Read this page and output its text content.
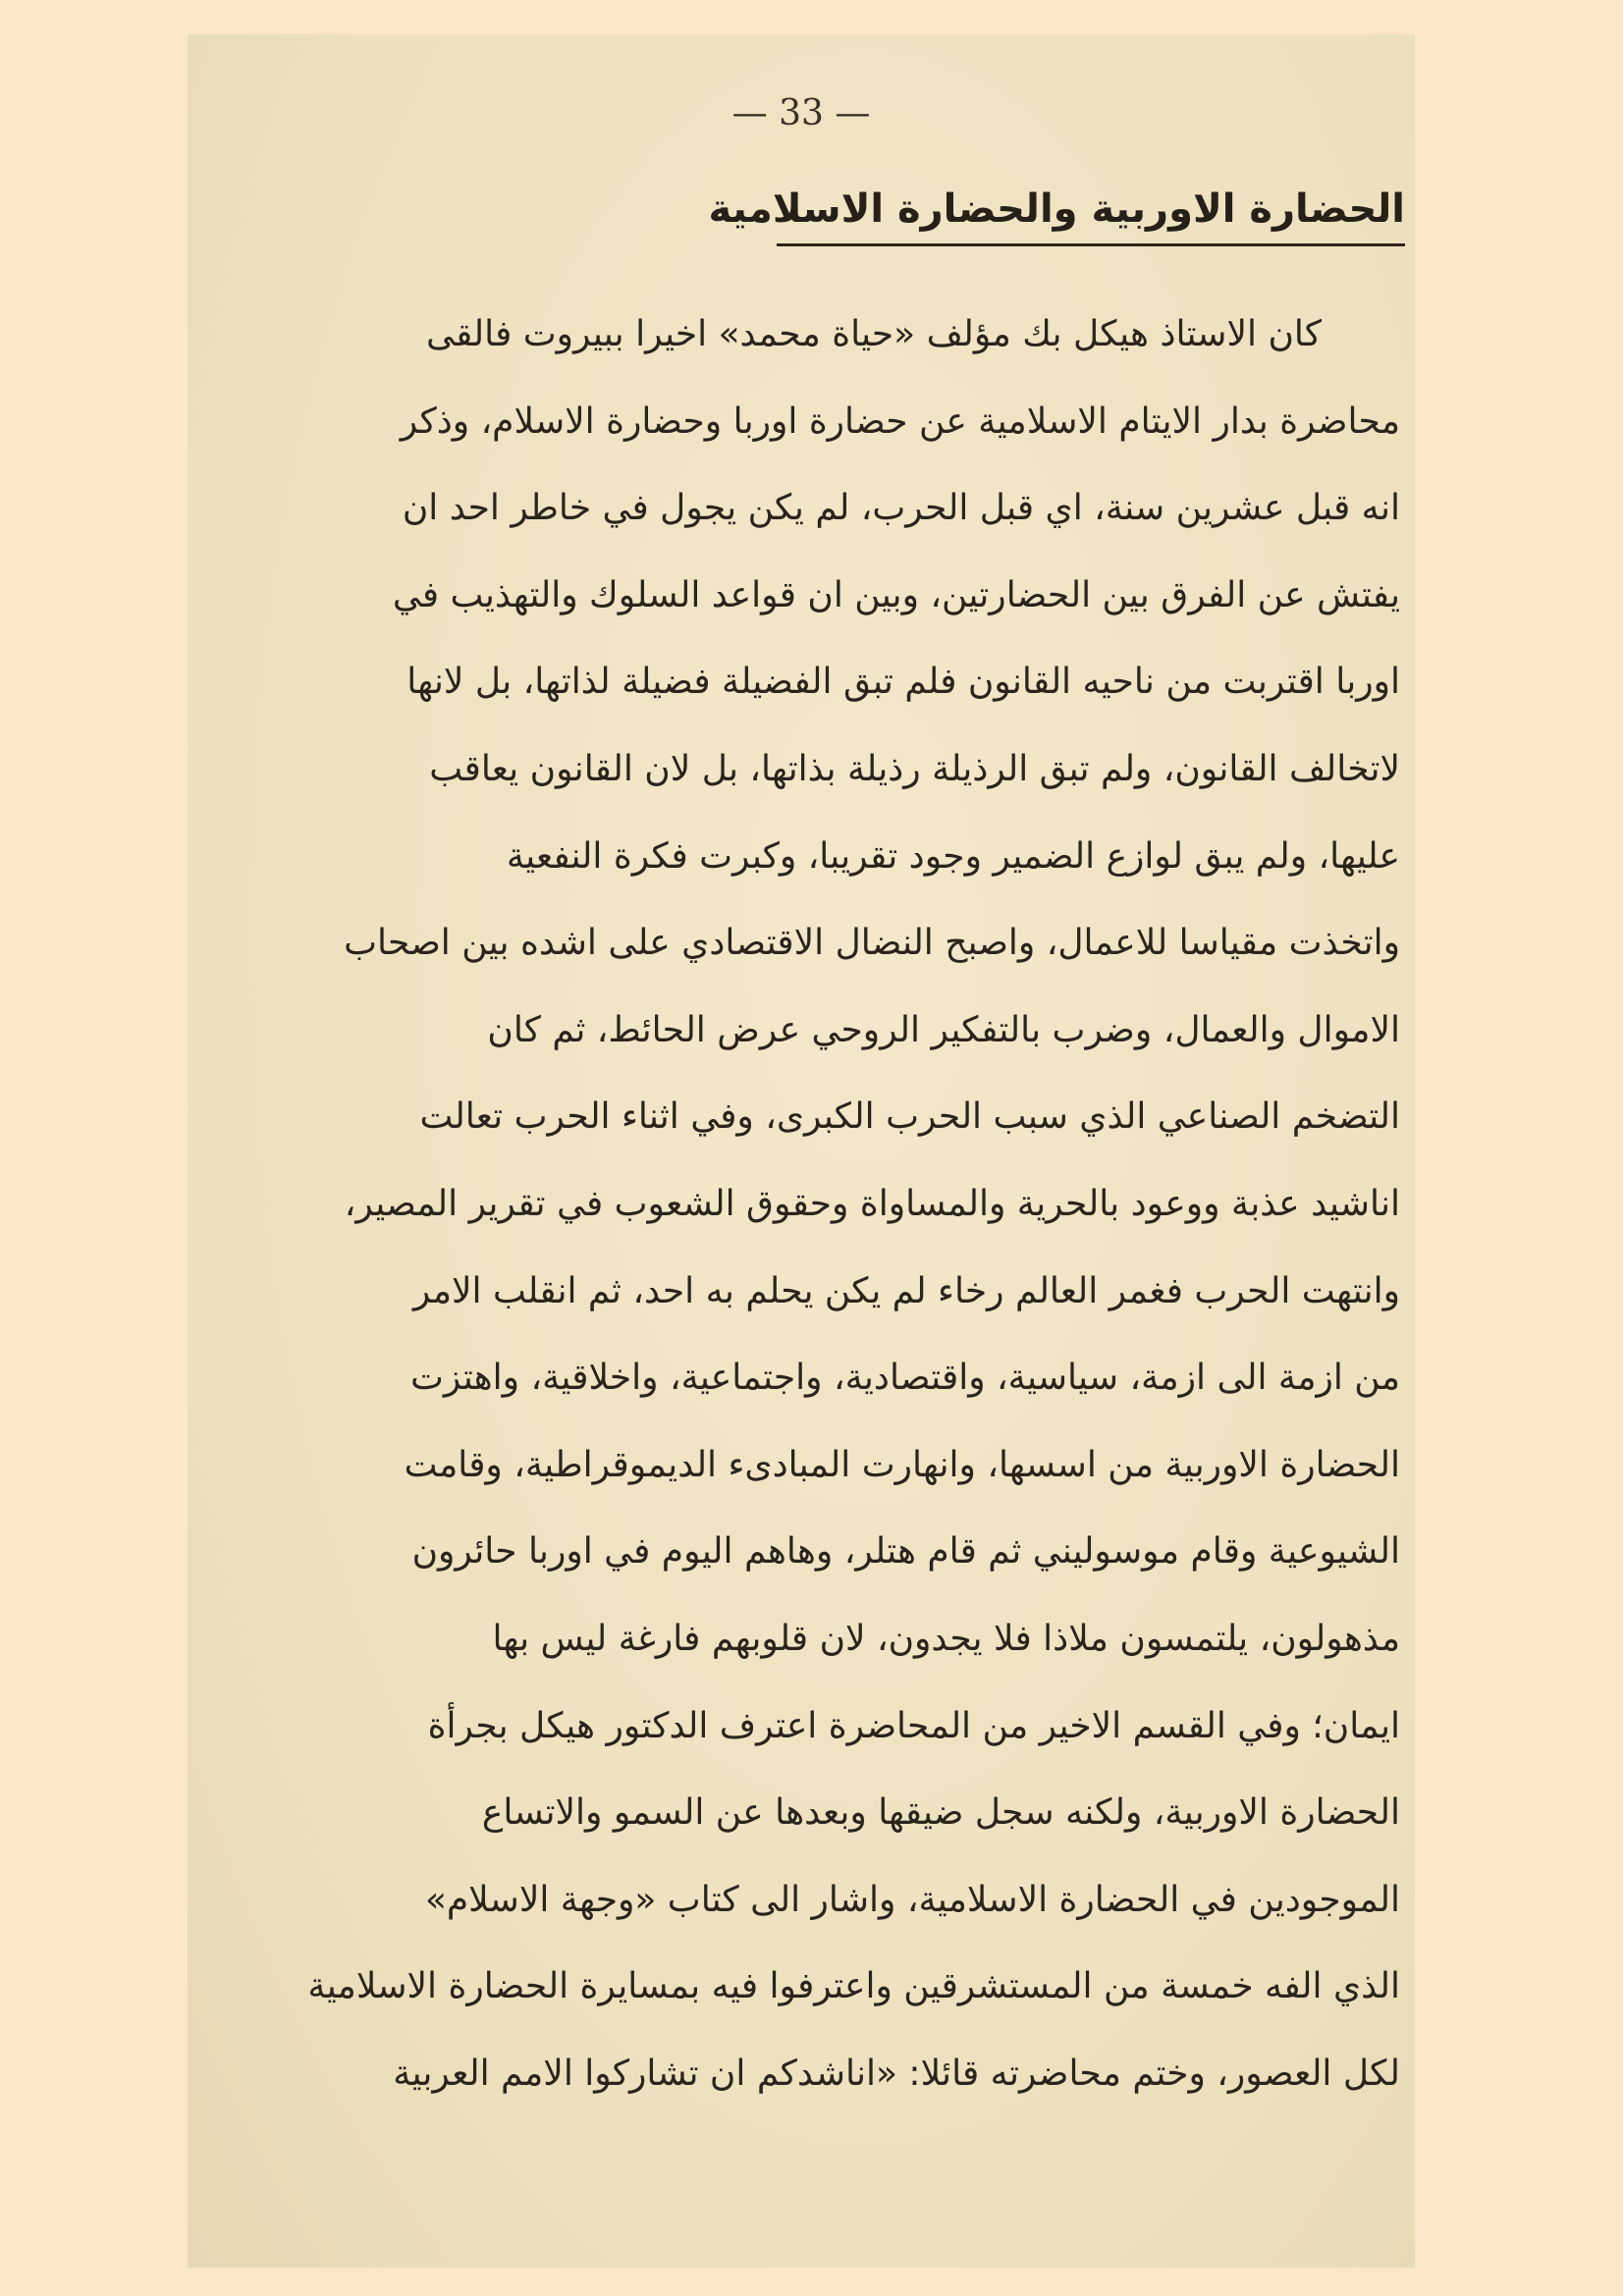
— 33 —
الحضارة الاوربية والحضارة الاسلامية
كان الاستاذ هيكل بك مؤلف «حياة محمد» اخيرا ببيروت فالقى
محاضرة بدار الايتام الاسلامية عن حضارة اوربا وحضارة الاسلام، وذكر
انه قبل عشرين سنة، اي قبل الحرب، لم يكن يجول في خاطر احد ان
يفتش عن الفرق بين الحضارتين، وبين ان قواعد السلوك والتهذيب في
اوربا اقتربت من ناحيه القانون فلم تبق الفضيلة فضيلة لذاتها، بل لانها
لاتخالف القانون، ولم تبق الرذيلة رذيلة بذاتها، بل لان القانون يعاقب
عليها، ولم يبق لوازع الضمير وجود تقريبا، وكبرت فكرة النفعية
واتخذت مقياسا للاعمال، واصبح النضال الاقتصادي على اشده بين اصحاب
الاموال والعمال، وضرب بالتفكير الروحي عرض الحائط، ثم كان
التضخم الصناعي الذي سبب الحرب الكبرى، وفي اثناء الحرب تعالت
اناشيد عذبة ووعود بالحرية والمساواة وحقوق الشعوب في تقرير المصير،
وانتهت الحرب فغمر العالم رخاء لم يكن يحلم به احد، ثم انقلب الامر
من ازمة الى ازمة، سياسية، واقتصادية، واجتماعية، واخلاقية، واهتزت
الحضارة الاوربية من اسسها، وانهارت المبادىء الديموقراطية، وقامت
الشيوعية وقام موسوليني ثم قام هتلر، وهاهم اليوم في اوربا حائرون
مذهولون، يلتمسون ملاذا فلا يجدون، لان قلوبهم فارغة ليس بها
ايمان؛ وفي القسم الاخير من المحاضرة اعترف الدكتور هيكل بجرأة
الحضارة الاوربية، ولكنه سجل ضيقها وبعدها عن السمو والاتساع
الموجودين في الحضارة الاسلامية، واشار الى كتاب «وجهة الاسلام»
الذي الفه خمسة من المستشرقين واعترفوا فيه بمسايرة الحضارة الاسلامية
لكل العصور، وختم محاضرته قائلا: «اناشدكم ان تشاركوا الامم العربية
